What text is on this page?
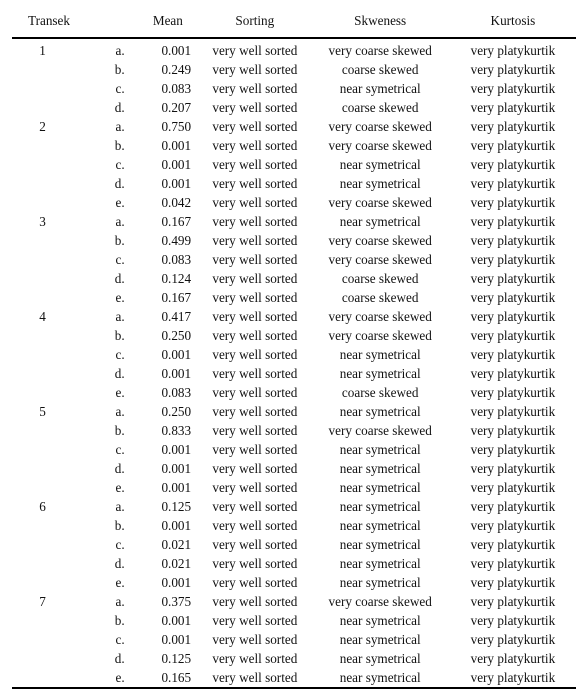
Transek		Mean	Sorting	Skweness	Kurtosis
1	a.	0.001	very well sorted	very coarse skewed	very platykurtik
	b.	0.249	very well sorted	coarse skewed	very platykurtik
	c.	0.083	very well sorted	near symetrical	very platykurtik
	d.	0.207	very well sorted	coarse skewed	very platykurtik
2	a.	0.750	very well sorted	very coarse skewed	very platykurtik
	b.	0.001	very well sorted	very coarse skewed	very platykurtik
	c.	0.001	very well sorted	near symetrical	very platykurtik
	d.	0.001	very well sorted	near symetrical	very platykurtik
	e.	0.042	very well sorted	very coarse skewed	very platykurtik
3	a.	0.167	very well sorted	near symetrical	very platykurtik
	b.	0.499	very well sorted	very coarse skewed	very platykurtik
	c.	0.083	very well sorted	very coarse skewed	very platykurtik
	d.	0.124	very well sorted	coarse skewed	very platykurtik
	e.	0.167	very well sorted	coarse skewed	very platykurtik
4	a.	0.417	very well sorted	very coarse skewed	very platykurtik
	b.	0.250	very well sorted	very coarse skewed	very platykurtik
	c.	0.001	very well sorted	near symetrical	very platykurtik
	d.	0.001	very well sorted	near symetrical	very platykurtik
	e.	0.083	very well sorted	coarse skewed	very platykurtik
5	a.	0.250	very well sorted	near symetrical	very platykurtik
	b.	0.833	very well sorted	very coarse skewed	very platykurtik
	c.	0.001	very well sorted	near symetrical	very platykurtik
	d.	0.001	very well sorted	near symetrical	very platykurtik
	e.	0.001	very well sorted	near symetrical	very platykurtik
6	a.	0.125	very well sorted	near symetrical	very platykurtik
	b.	0.001	very well sorted	near symetrical	very platykurtik
	c.	0.021	very well sorted	near symetrical	very platykurtik
	d.	0.021	very well sorted	near symetrical	very platykurtik
	e.	0.001	very well sorted	near symetrical	very platykurtik
7	a.	0.375	very well sorted	very coarse skewed	very platykurtik
	b.	0.001	very well sorted	near symetrical	very platykurtik
	c.	0.001	very well sorted	near symetrical	very platykurtik
	d.	0.125	very well sorted	near symetrical	very platykurtik
	e.	0.165	very well sorted	near symetrical	very platykurtik
